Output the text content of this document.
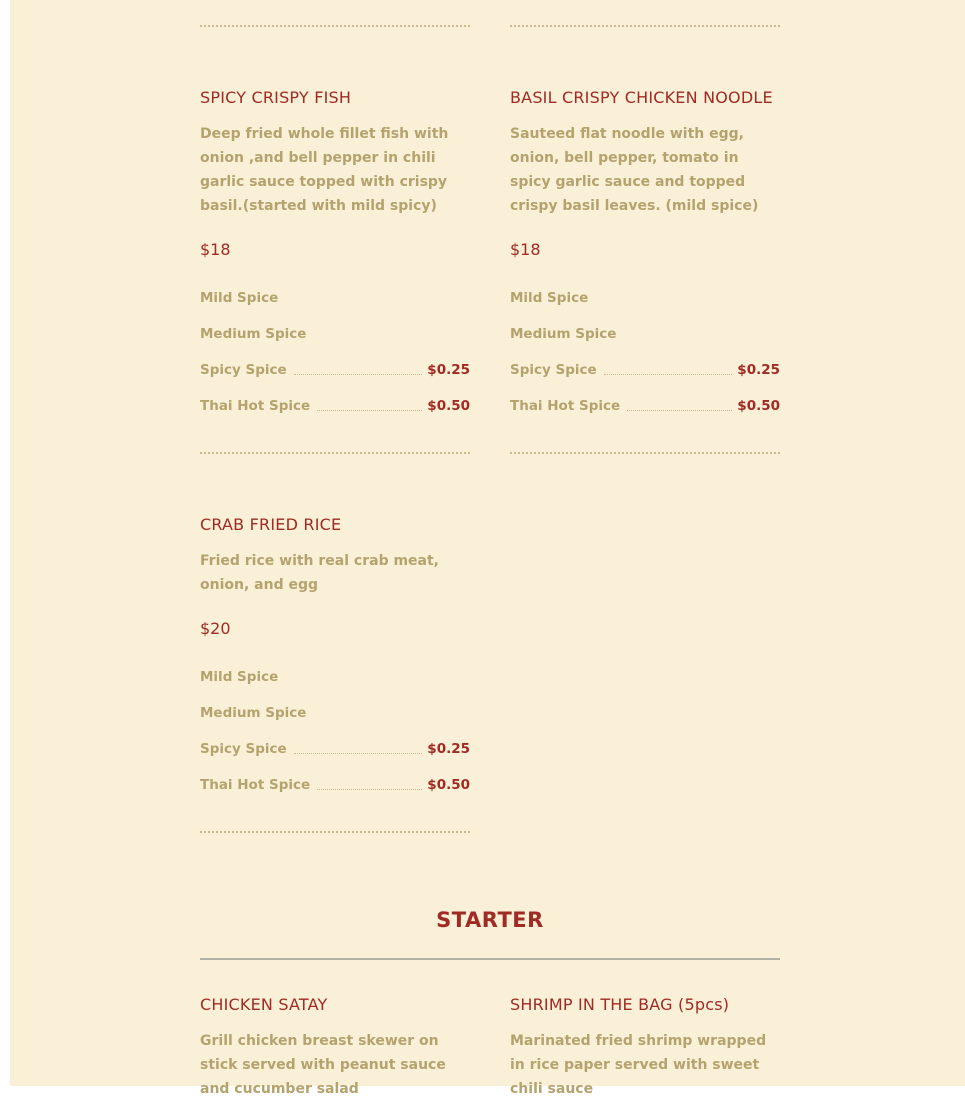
SPICY CRISPY FISH
Deep fried whole fillet fish with onion ,and bell pepper in chili garlic sauce topped with crispy basil.(started with mild spicy)
$18
Mild Spice
Medium Spice
Spicy Spice	$0.25
Thai Hot Spice	$0.50
BASIL CRISPY CHICKEN NOODLE
Sauteed flat noodle with egg, onion, bell pepper, tomato in spicy garlic sauce and topped crispy basil leaves. (mild spice)
$18
Mild Spice
Medium Spice
Spicy Spice	$0.25
Thai Hot Spice	$0.50
CRAB FRIED RICE
Fried rice with real crab meat, onion, and egg
$20
Mild Spice
Medium Spice
Spicy Spice	$0.25
Thai Hot Spice	$0.50
STARTER
CHICKEN SATAY
Grill chicken breast skewer on stick served with peanut sauce and cucumber salad
SHRIMP IN THE BAG (5pcs)
Marinated fried shrimp wrapped in rice paper served with sweet chili sauce
